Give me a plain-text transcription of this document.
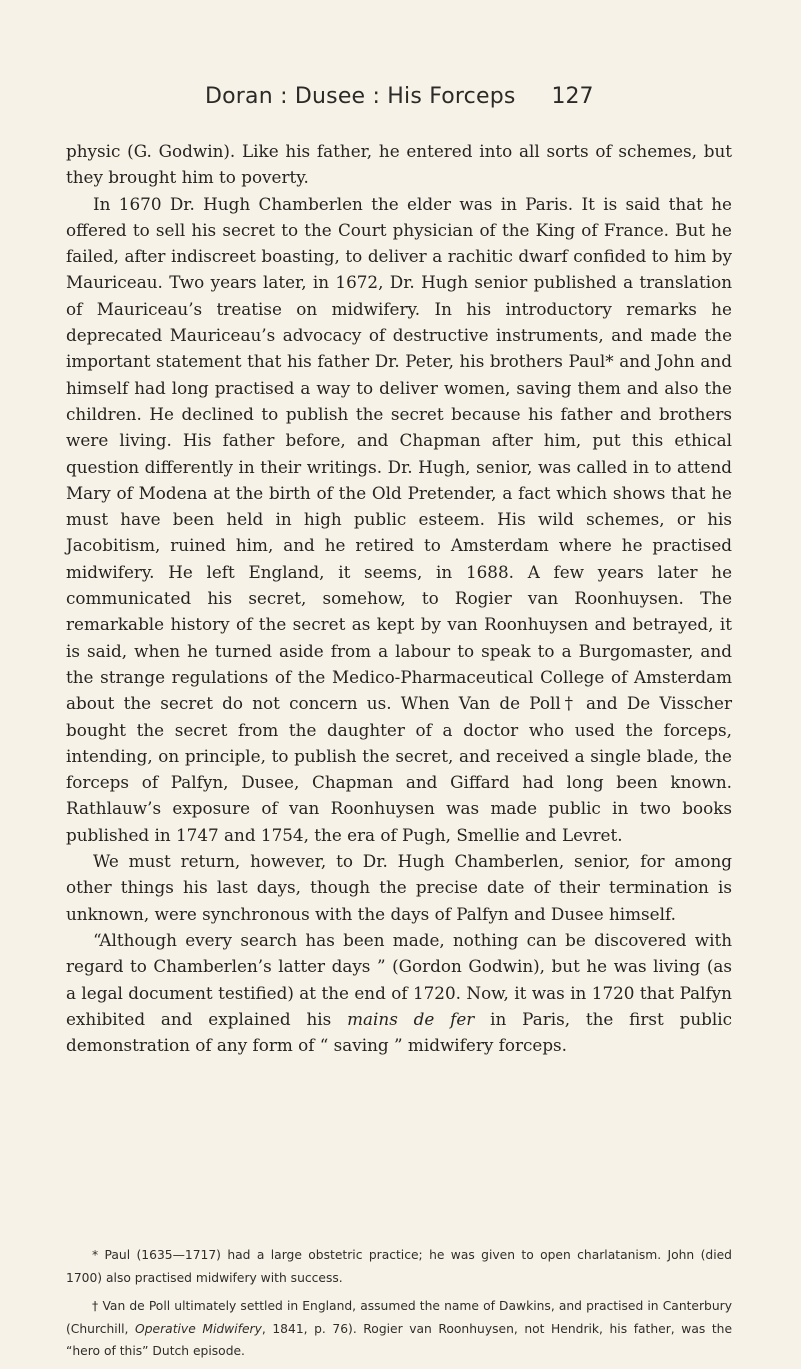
Doran : Dusee : His Forceps 127

physic (G. Godwin). Like his father, he entered into all sorts of schemes, but they brought him to poverty.

In 1670 Dr. Hugh Chamberlen the elder was in Paris. It is said that he offered to sell his secret to the Court physician of the King of France. But he failed, after indiscreet boasting, to deliver a rachitic dwarf confided to him by Mauriceau. Two years later, in 1672, Dr. Hugh senior published a translation of Mauriceau’s treatise on midwifery. In his introductory remarks he deprecated Mauriceau’s advocacy of destructive instruments, and made the important statement that his father Dr. Peter, his brothers Paul* and John and himself had long practised a way to deliver women, saving them and also the children. He declined to publish the secret because his father and brothers were living. His father before, and Chapman after him, put this ethical question differently in their writings. Dr. Hugh, senior, was called in to attend Mary of Modena at the birth of the Old Pretender, a fact which shows that he must have been held in high public esteem. His wild schemes, or his Jacobitism, ruined him, and he retired to Amsterdam where he practised midwifery. He left England, it seems, in 1688. A few years later he communicated his secret, somehow, to Rogier van Roonhuysen. The remarkable history of the secret as kept by van Roonhuysen and betrayed, it is said, when he turned aside from a labour to speak to a Burgomaster, and the strange regulations of the Medico-Pharmaceutical College of Amsterdam about the secret do not concern us. When Van de Poll† and De Visscher bought the secret from the daughter of a doctor who used the forceps, intending, on principle, to publish the secret, and received a single blade, the forceps of Palfyn, Dusee, Chapman and Giffard had long been known. Rathlauw’s exposure of van Roonhuysen was made public in two books published in 1747 and 1754, the era of Pugh, Smellie and Levret.

We must return, however, to Dr. Hugh Chamberlen, senior, for among other things his last days, though the precise date of their termination is unknown, were synchronous with the days of Palfyn and Dusee himself.

“Although every search has been made, nothing can be discovered with regard to Chamberlen’s latter days ” (Gordon Godwin), but he was living (as a legal document testified) at the end of 1720. Now, it was in 1720 that Palfyn exhibited and explained his mains de fer in Paris, the first public demonstration of any form of “ saving ” midwifery forceps.

* Paul (1635—1717) had a large obstetric practice; he was given to open charlatanism. John (died 1700) also practised midwifery with success.

† Van de Poll ultimately settled in England, assumed the name of Dawkins, and practised in Canterbury (Churchill, Operative Midwifery, 1841, p. 76). Rogier van Roonhuysen, not Hendrik, his father, was the “hero of this” Dutch episode.
